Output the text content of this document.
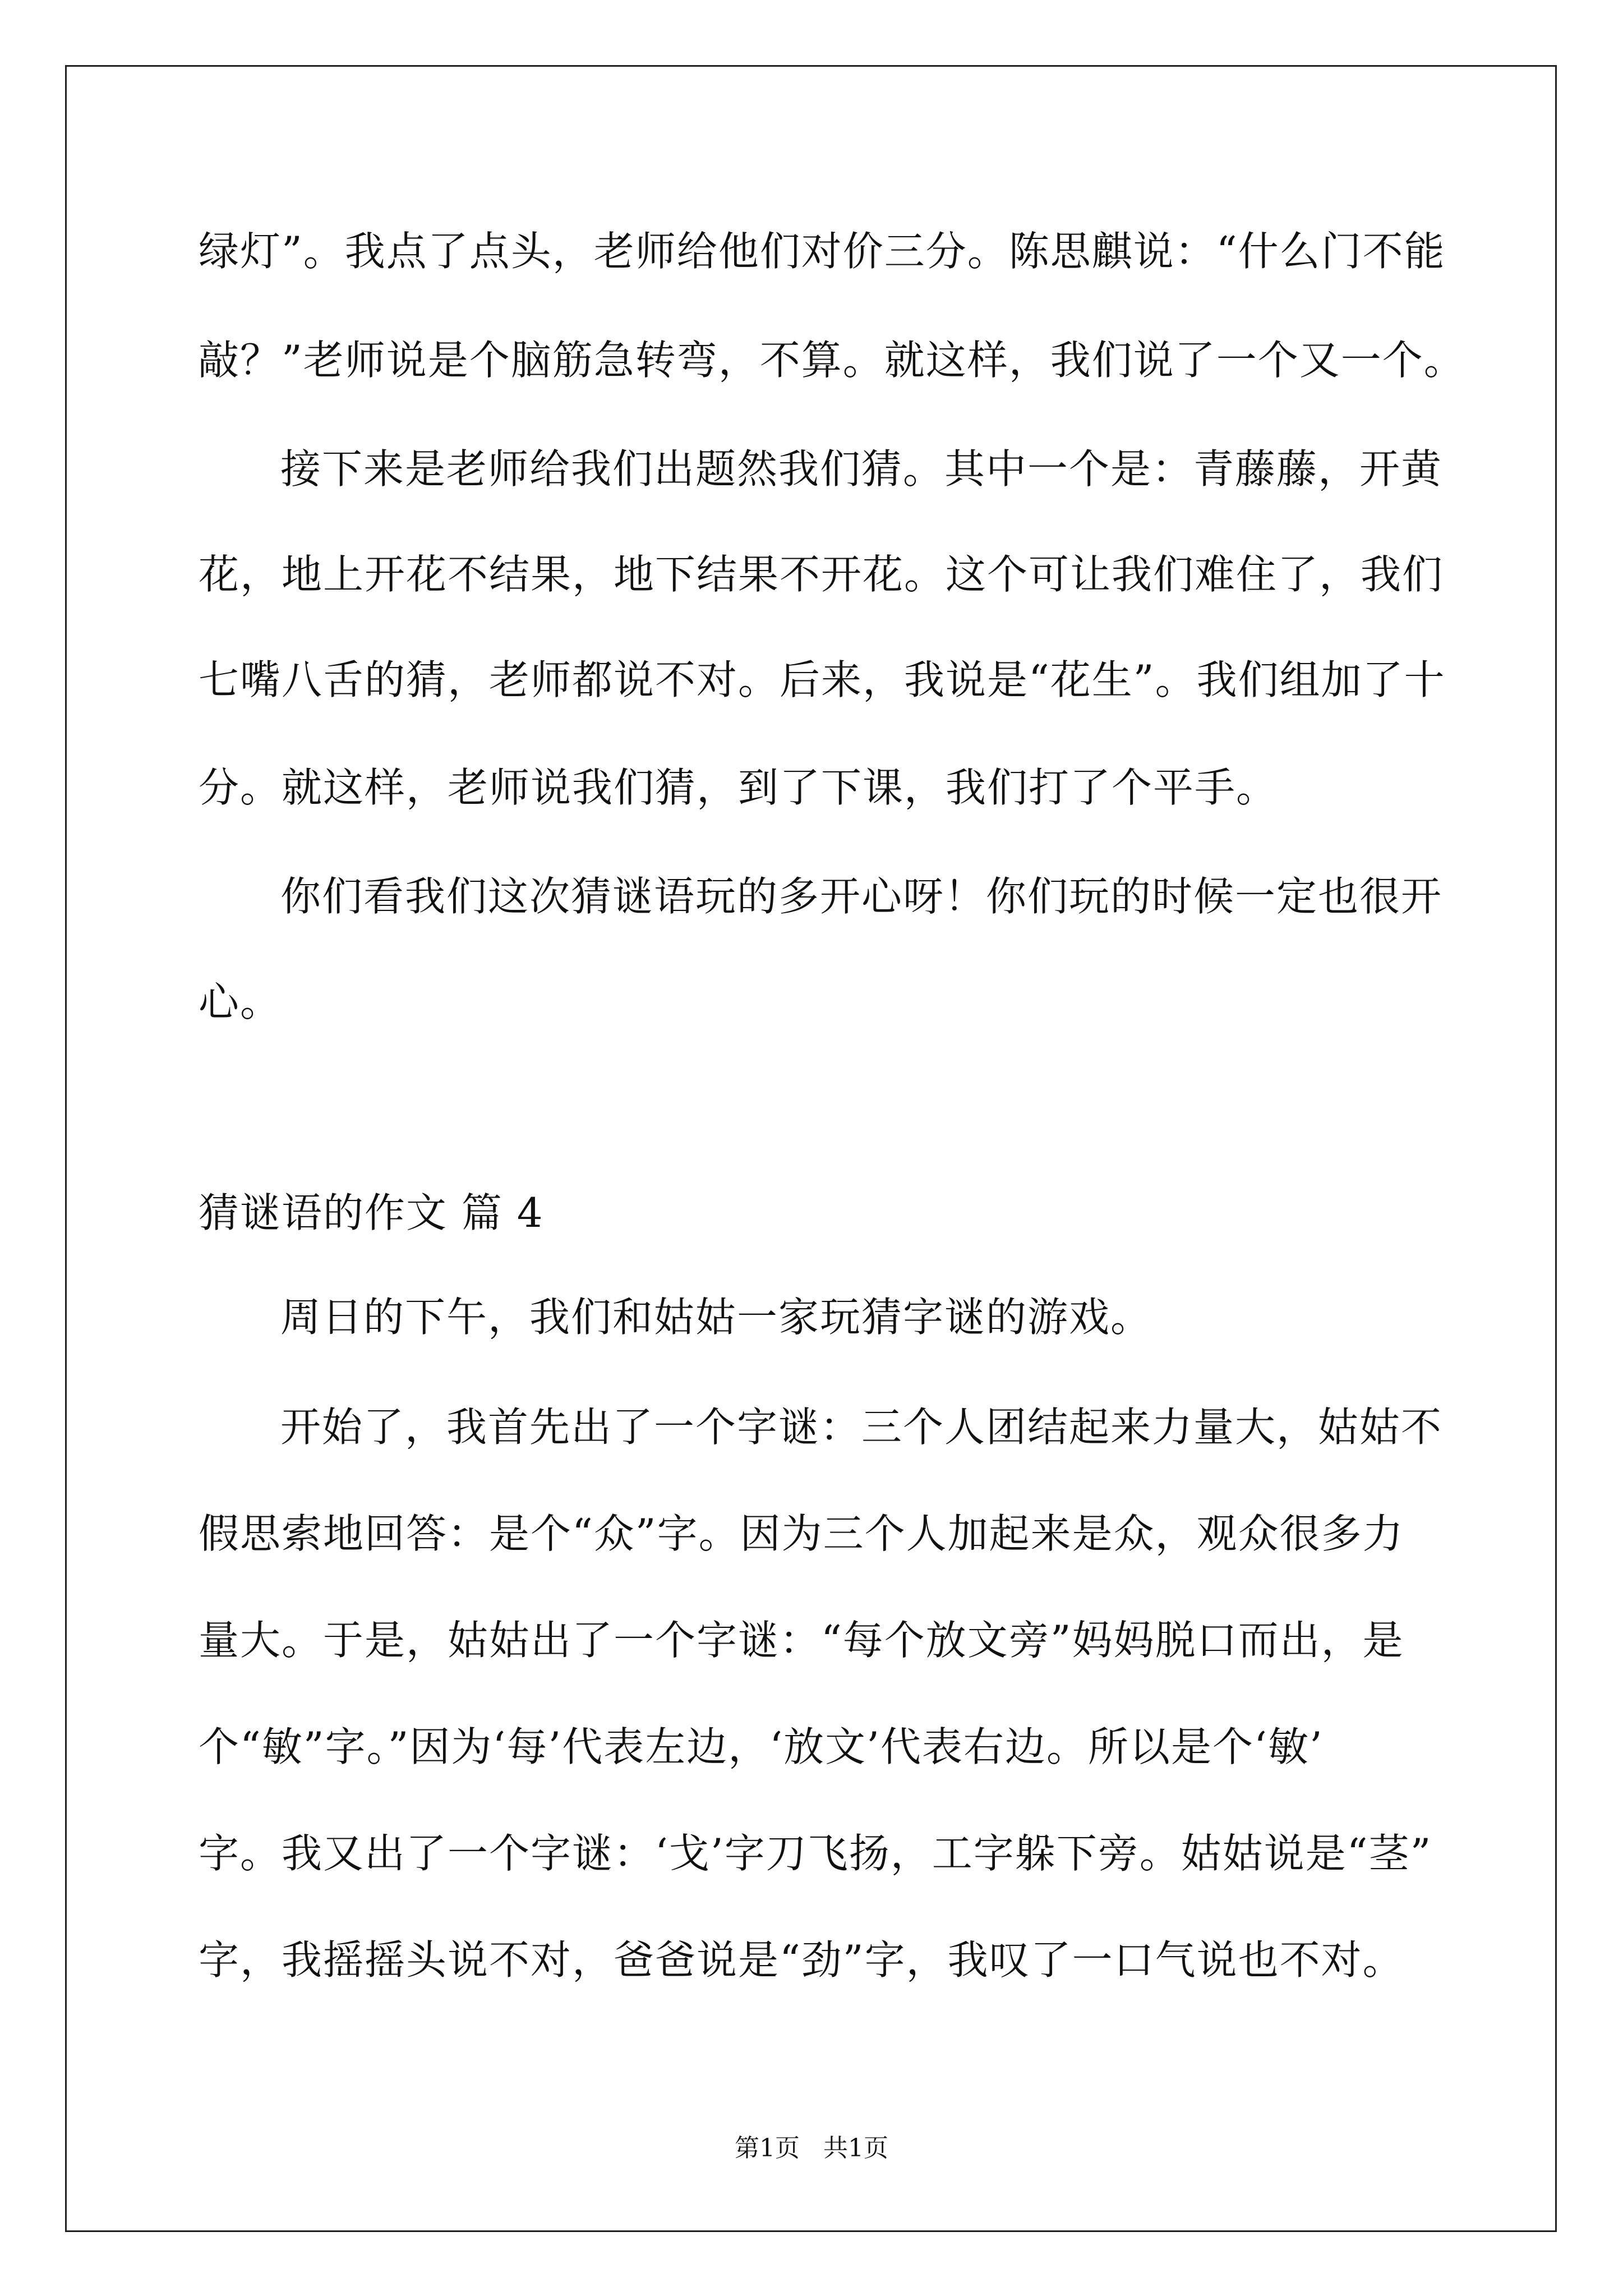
绿灯”。我点了点头，老师给他们对价三分。陈思麒说：“什么门不能
敲？”老师说是个脑筋急转弯，不算。就这样，我们说了一个又一个。
接下来是老师给我们出题然我们猜。其中一个是：青藤藤，开黄
花，地上开花不结果，地下结果不开花。这个可让我们难住了，我们
七嘴八舌的猜，老师都说不对。后来，我说是“花生”。我们组加了十
分。就这样，老师说我们猜，到了下课，我们打了个平手。
你们看我们这次猜谜语玩的多开心呀！你们玩的时候一定也很开
心。
猜谜语的作文 篇 4
周日的下午，我们和姑姑一家玩猜字谜的游戏。
开始了，我首先出了一个字谜：三个人团结起来力量大，姑姑不
假思索地回答：是个“众”字。因为三个人加起来是众，观众很多力
量大。于是，姑姑出了一个字谜：“每个放文旁”妈妈脱口而出，是
个“敏”字。”因为‘每’代表左边，‘放文’代表右边。所以是个‘敏’
字。我又出了一个字谜：‘戈’字刀飞扬，工字躲下旁。姑姑说是“茎”
字，我摇摇头说不对，爸爸说是“劲”字，我叹了一口气说也不对。
第1页   共1页
